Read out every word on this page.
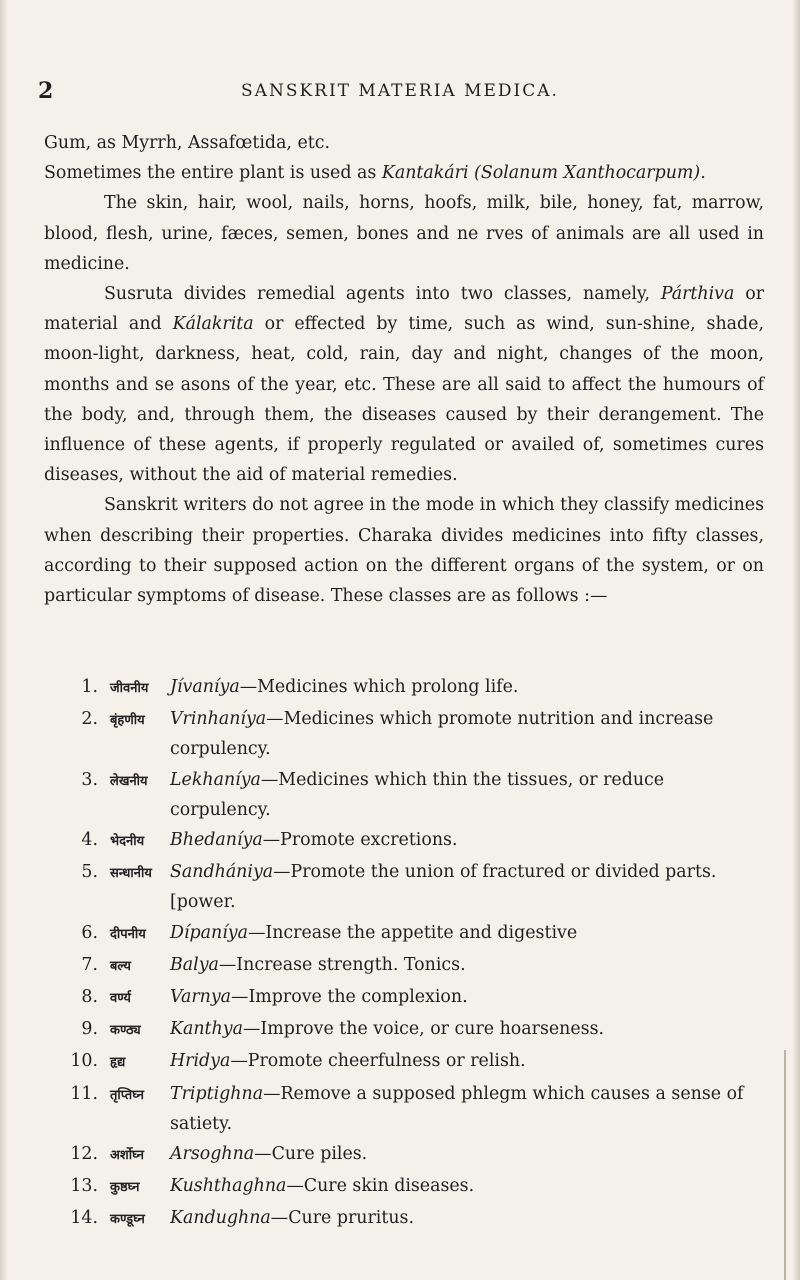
2	SANSKRIT MATERIA MEDICA.

Gum, as Myrrh, Assafœtida, etc.

Sometimes the entire plant is used as Kantakári (Solanum Xanthocarpum).

The skin, hair, wool, nails, horns, hoofs, milk, bile, honey, fat, marrow, blood, flesh, urine, fæces, semen, bones and ne rves of animals are all used in medicine.

Susruta divides remedial agents into two classes, namely, Párthiva or material and Kálakrita or effected by time, such as wind, sun-shine, shade, moon-light, darkness, heat, cold, rain, day and night, changes of the moon, months and se asons of the year, etc. These are all said to affect the humours of the body, and, through them, the diseases caused by their derangement. The influence of these agents, if properly regulated or availed of, sometimes cures diseases, without the aid of material remedies.

Sanskrit writers do not agree in the mode in which they classify medicines when describing their properties. Charaka divides medicines into fifty classes, according to their supposed action on the different organs of the system, or on particular symptoms of disease. These classes are as follows :—

1. जीवनीय	Jívaníya—Medicines which prolong life.
2. बृंहणीय	Vrinhaníya—Medicines which promote nutrition and increase corpulency.
3. लेखनीय	Lekhaníya—Medicines which thin the tissues, or reduce corpulency.
4. भेदनीय	Bhedaníya—Promote excretions.
5. सन्धानीय	Sandhániya—Promote the union of fractured or divided parts. [power.
6. दीपनीय	Dípaníya—Increase the appetite and digestive
7. बल्य	Balya—Increase strength. Tonics.
8. वर्ण्य	Varnya—Improve the complexion.
9. कण्ठ्य	Kanthya—Improve the voice, or cure hoarseness.
10. हृद्य	Hridya—Promote cheerfulness or relish.
11. तृप्तिघ्न	Triptighna—Remove a supposed phlegm which causes a sense of satiety.
12. अर्शोघ्न	Arsoghna—Cure piles.
13. कुष्ठघ्न	Kushthaghna—Cure skin diseases.
14. कण्डूघ्न	Kandughna—Cure pruritus.
